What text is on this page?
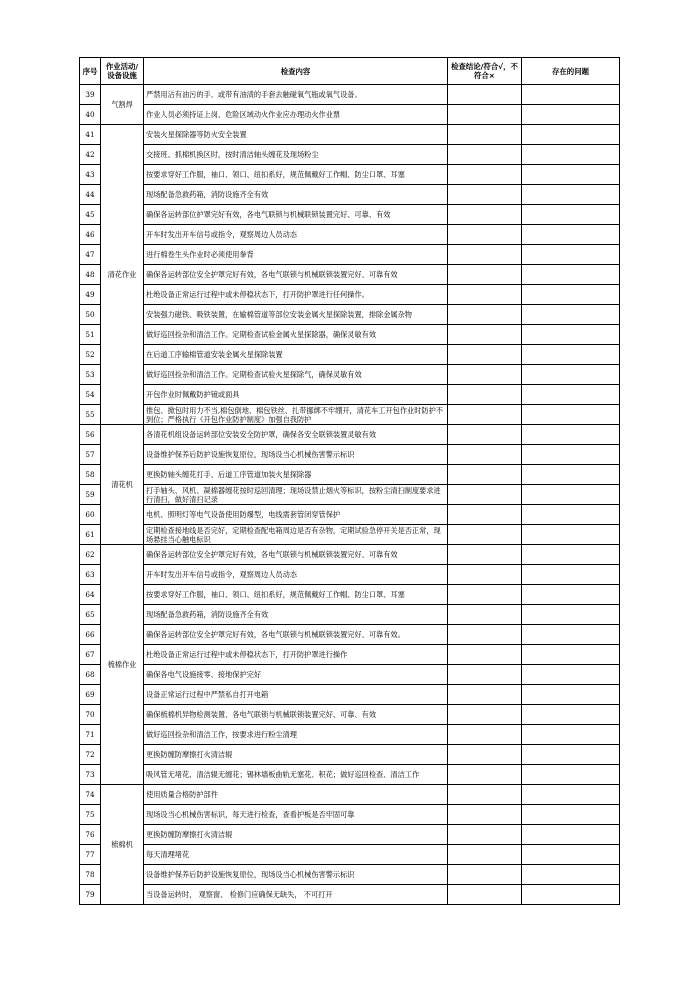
序号	作业活动/设备设施	检查内容	检查结论/符合√，不符合×	存在的问题
39	气割焊	严禁用沾有油污的手、或带有油渍的手套去触碰氧气瓶或氧气设备。		
40		作业人员必须持证上岗、危险区域动火作业应办理动火作业票		
41	清花作业	安装火星探除器等防火安全装置		
42		交接班、抓棉机换区时，按时清洁轴头缠花及现场粉尘		
43		按要求穿好工作服，袖口、领口、纽扣系好，规范佩戴好工作帽、防尘口罩、耳塞		
44		现场配备急救药箱，消防设施齐全有效		
45		确保各运转部位护罩完好有效，各电气联锁与机械联锁装置完好、可靠、有效		
46		开车时发出开车信号或指令，观察周边人员动态		
47		进行棉卷生头作业时必须使用拳背		
48		确保各运转部位安全护罩完好有效，各电气联锁与机械联锁装置完好、可靠有效		
49		杜绝设备正常运行过程中或未停稳状态下，打开防护罩进行任何操作。		
50		安装强力磁铁、吸铁装置，在输棉管道等部位安装金属火星探除装置，排除金属杂物		
51		做好巡回捡杂和清洁工作。定期检查试验金属火星探除器，确保灵敏有效		
52		在后道工序输棉管道安装金属火星探除装置		
53		做好巡回捡杂和清洁工作。定期检查试验火星探除气，确保灵敏有效		
54		开包作业时佩戴防护镜或面具		
55		推包、掀包时用力不当,棉包倒地、棉包铁丝、扎带挪绑不牢绷开，清花车工开包作业时防护不到位；严格执行《开包作业防护制度》加强自我防护		
56	清花机	各清花机组设备运转部位安装安全防护罩，确保各安全联锁装置灵敏有效		
57		设备维护保养后防护设施恢复原位，现场设当心机械伤害警示标识		
58		更换防轴头缠花打手、后道工序管道加装火星探除器		
59		打手轴头、风机、凝棉器缠花按时巡回清理；现场设禁止烟火等标识，按粉尘清扫制度要求进行清扫，做好清扫记录		
60		电机、照明灯等电气设备使用防爆型，电线需套管闭穿管保护		
61		定期检查接地线是否完好，定期检查配电箱周边是否有杂物，定期试验急停开关是否正常，现场悬挂当心触电标识		
62	梳棉作业	确保各运转部位安全护罩完好有效，各电气联锁与机械联锁装置完好、可靠有效		
63		开车时发出开车信号或指令，观察周边人员动态		
64		按要求穿好工作服，袖口、领口、纽扣系好，规范佩戴好工作帽、防尘口罩、耳塞		
65		现场配备急救药箱，消防设施齐全有效		
66		确保各运转部位安全护罩完好有效，各电气联锁与机械联锁装置完好、可靠有效。		
67		杜绝设备正常运行过程中或未停稳状态下，打开防护罩进行操作		
68		确保各电气设施接零、接地保护完好		
69		设备正常运行过程中严禁私自打开电箱		
70		确保梳棉机异物检测装置、各电气联锁与机械联锁装置完好、可靠、有效		
71		做好巡回捡杂和清洁工作，按要求进行粉尘清理		
72		更换防缠防摩擦打火清洁辊		
73		吸风管无堵花、清洁辊无缠花；锡林墙板曲轨无塞花、积花；做好巡回检查、清洁工作		
74	梳棉机	使用质量合格防护部件		
75		现场设当心机械伤害标识，每天进行检查，查看护板是否牢固可靠		
76		更换防缠防摩擦打火清洁辊		
77		每天清理堵花		
78		设备维护保养后防护设施恢复原位，现场设当心机械伤害警示标识		
79		当设备运转时， 观察窗、 检修门应确保无缺失， 不可打开		
